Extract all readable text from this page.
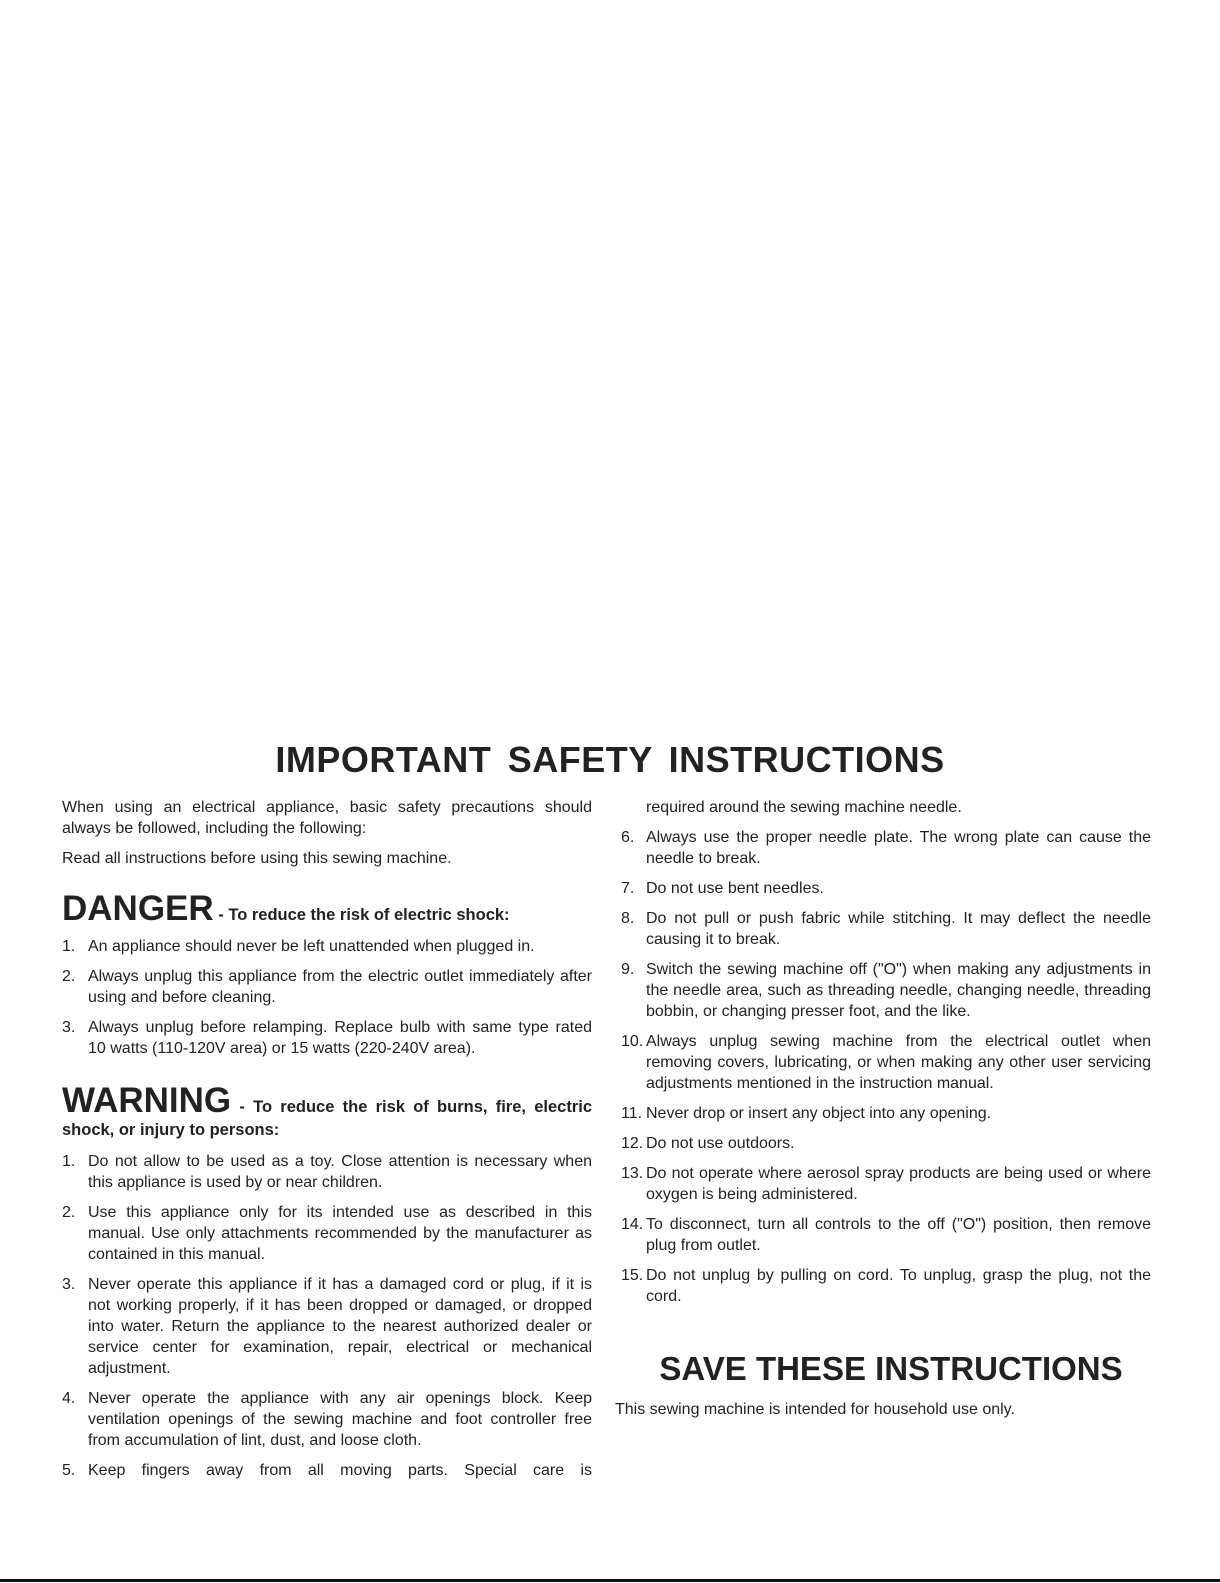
IMPORTANT SAFETY INSTRUCTIONS

When using an electrical appliance, basic safety precautions should always be followed, including the following:

Read all instructions before using this sewing machine.

DANGER - To reduce the risk of electric shock:
1. An appliance should never be left unattended when plugged in.
2. Always unplug this appliance from the electric outlet immediately after using and before cleaning.
3. Always unplug before relamping. Replace bulb with same type rated 10 watts (110-120V area) or 15 watts (220-240V area).
WARNING - To reduce the risk of burns, fire, electric shock, or injury to persons:
1. Do not allow to be used as a toy. Close attention is necessary when this appliance is used by or near children.
2. Use this appliance only for its intended use as described in this manual. Use only attachments recommended by the manufacturer as contained in this manual.
3. Never operate this appliance if it has a damaged cord or plug, if it is not working properly, if it has been dropped or damaged, or dropped into water. Return the appliance to the nearest authorized dealer or service center for examination, repair, electrical or mechanical adjustment.
4. Never operate the appliance with any air openings block. Keep ventilation openings of the sewing machine and foot controller free from accumulation of lint, dust, and loose cloth.
5. Keep fingers away from all moving parts. Special care is
required around the sewing machine needle.
6. Always use the proper needle plate. The wrong plate can cause the needle to break.
7. Do not use bent needles.
8. Do not pull or push fabric while stitching. It may deflect the needle causing it to break.
9. Switch the sewing machine off ("O") when making any adjustments in the needle area, such as threading needle, changing needle, threading bobbin, or changing presser foot, and the like.
10. Always unplug sewing machine from the electrical outlet when removing covers, lubricating, or when making any other user servicing adjustments mentioned in the instruction manual.
11. Never drop or insert any object into any opening.
12. Do not use outdoors.
13. Do not operate where aerosol spray products are being used or where oxygen is being administered.
14. To disconnect, turn all controls to the off ("O") position, then remove plug from outlet.
15. Do not unplug by pulling on cord. To unplug, grasp the plug, not the cord.
SAVE THESE INSTRUCTIONS

This sewing machine is intended for household use only.
